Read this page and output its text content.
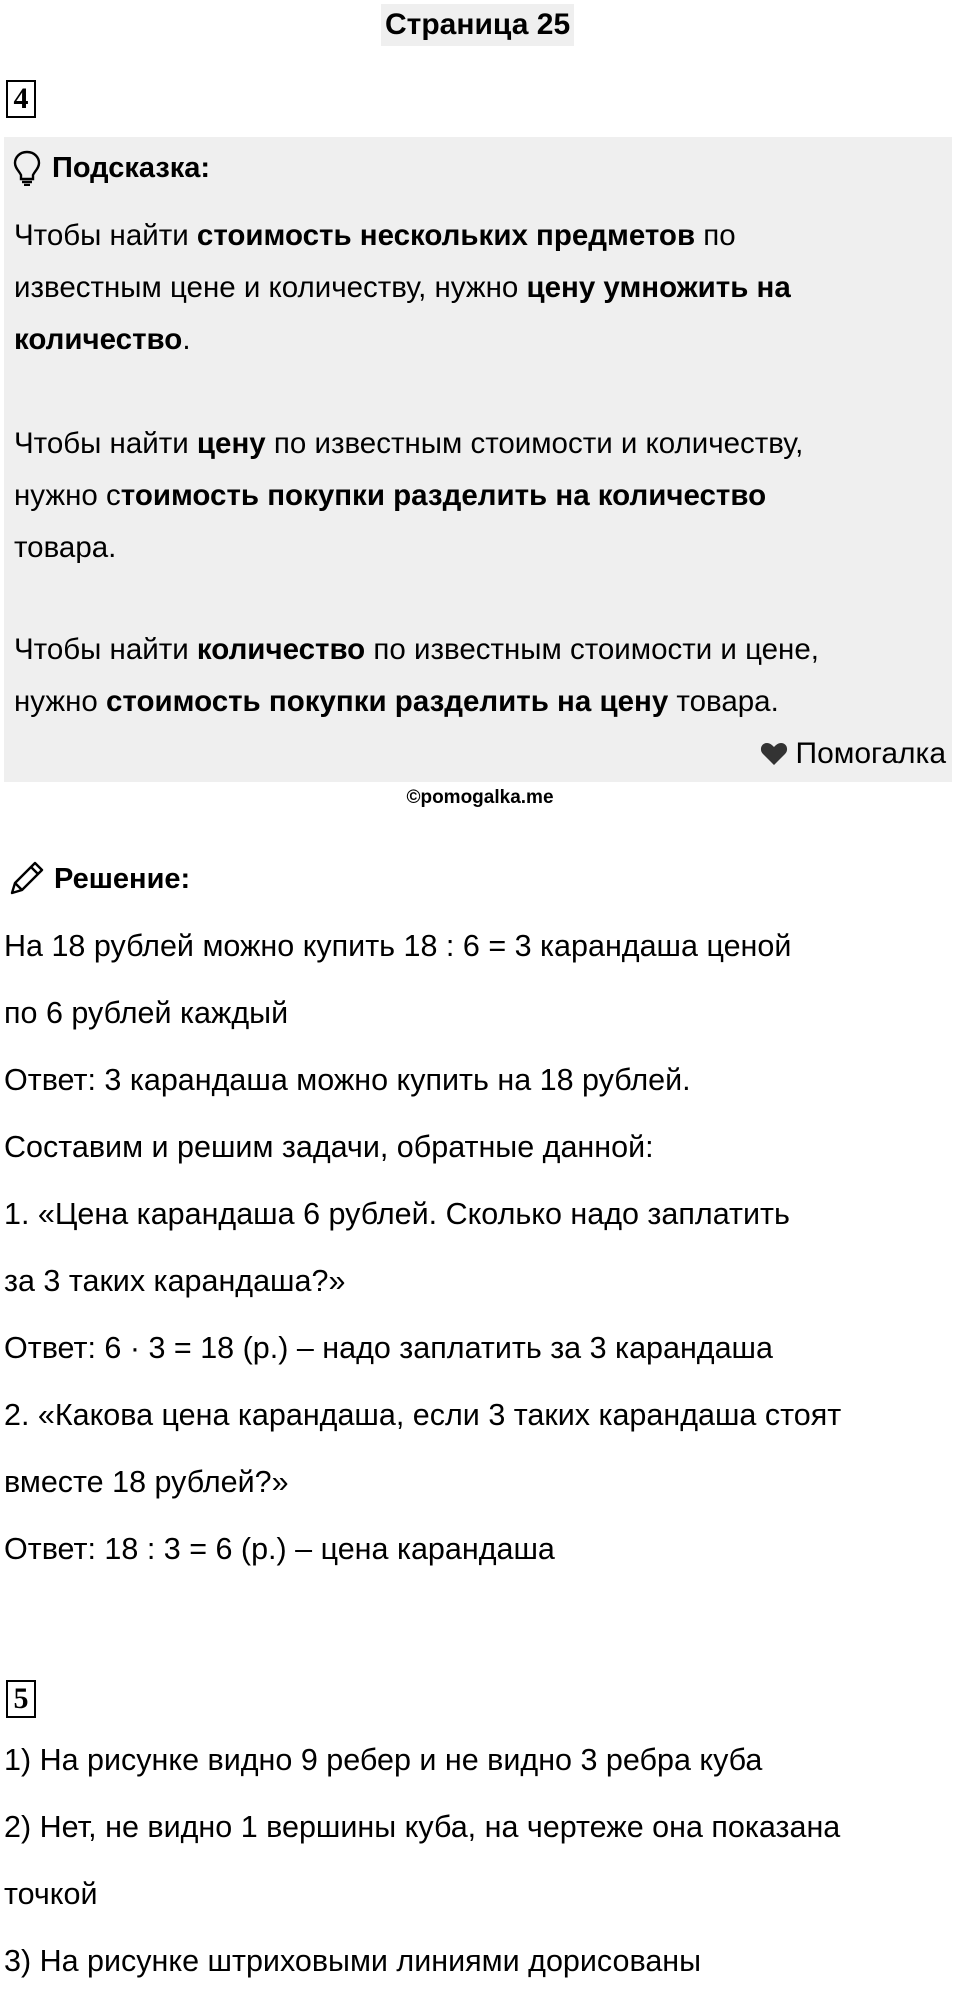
Страница 25
4
Подсказка:
Чтобы найти стоимость нескольких предметов по
известным цене и количеству, нужно цену умножить на
количество.
Чтобы найти цену по известным стоимости и количеству,
нужно стоимость покупки разделить на количество
товара.
Чтобы найти количество по известным стоимости и цене,
нужно стоимость покупки разделить на цену товара.
Помогалка
©pomogalka.me
Решение:
На 18 рублей можно купить 18 : 6 = 3 карандаша ценой
по 6 рублей каждый
Ответ: 3 карандаша можно купить на 18 рублей.
Составим и решим задачи, обратные данной:
1. «Цена карандаша 6 рублей. Сколько надо заплатить
за 3 таких карандаша?»
Ответ: 6 · 3 = 18 (р.) – надо заплатить за 3 карандаша
2. «Какова цена карандаша, если 3 таких карандаша стоят
вместе 18 рублей?»
Ответ: 18 : 3 = 6 (р.) – цена карандаша
5
1) На рисунке видно 9 ребер и не видно 3 ребра куба
2) Нет, не видно 1 вершины куба, на чертеже она показана
точкой
3) На рисунке штриховыми линиями дорисованы
